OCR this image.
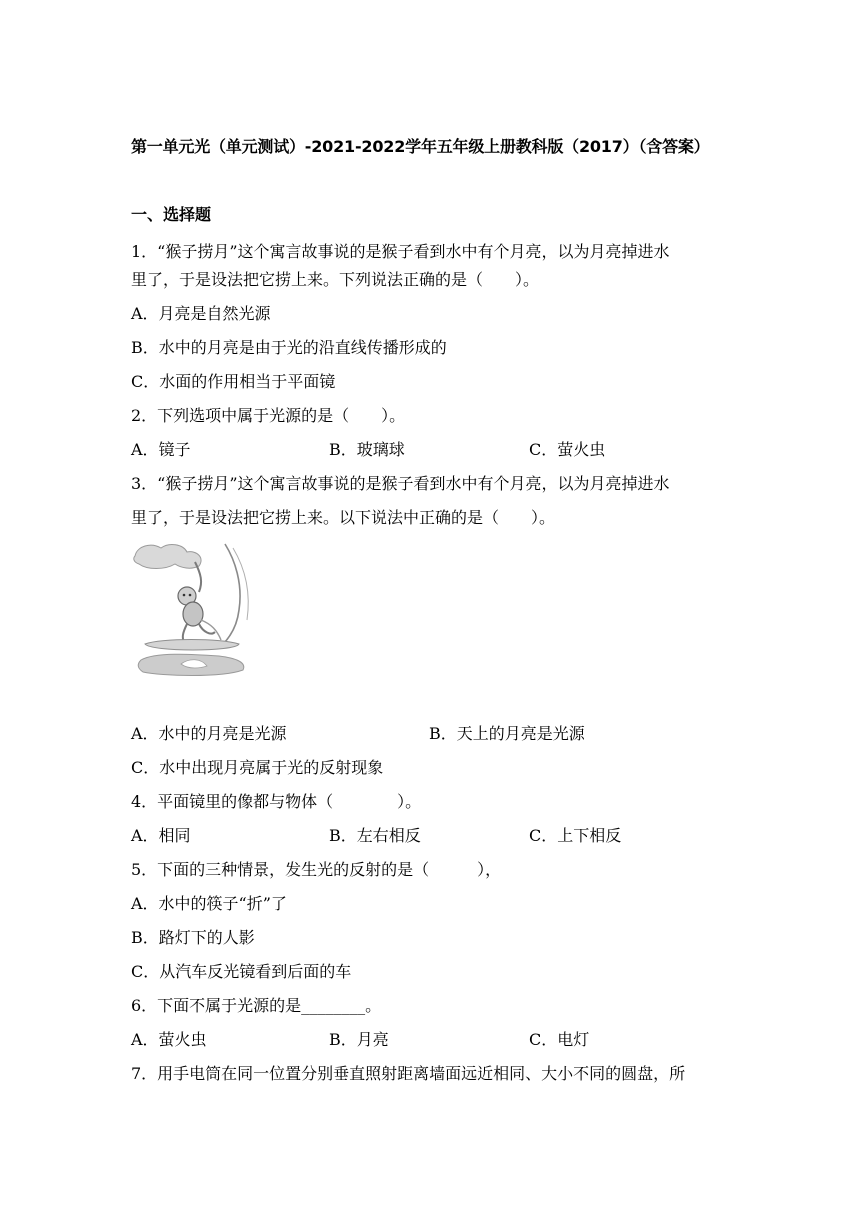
第一单元光（单元测试）-2021-2022学年五年级上册教科版（2017）（含答案）
一、选择题
1．“猴子捞月”这个寓言故事说的是猴子看到水中有个月亮，以为月亮掉进水
里了，于是设法把它捞上来。下列说法正确的是（　　）。
A．月亮是自然光源
B．水中的月亮是由于光的沿直线传播形成的
C．水面的作用相当于平面镜
2．下列选项中属于光源的是（　　）。
A．镜子	B．玻璃球	C．萤火虫
3．“猴子捞月”这个寓言故事说的是猴子看到水中有个月亮，以为月亮掉进水
里了，于是设法把它捞上来。以下说法中正确的是（　　）。
A．水中的月亮是光源	B．天上的月亮是光源
C．水中出现月亮属于光的反射现象
4．平面镜里的像都与物体（　　　　）。
A．相同	B．左右相反	C．上下相反
5．下面的三种情景，发生光的反射的是（　　　），
A．水中的筷子“折”了
B．路灯下的人影
C．从汽车反光镜看到后面的车
6．下面不属于光源的是________。
A．萤火虫	B．月亮	C．电灯
7．用手电筒在同一位置分别垂直照射距离墙面远近相同、大小不同的圆盘，所
